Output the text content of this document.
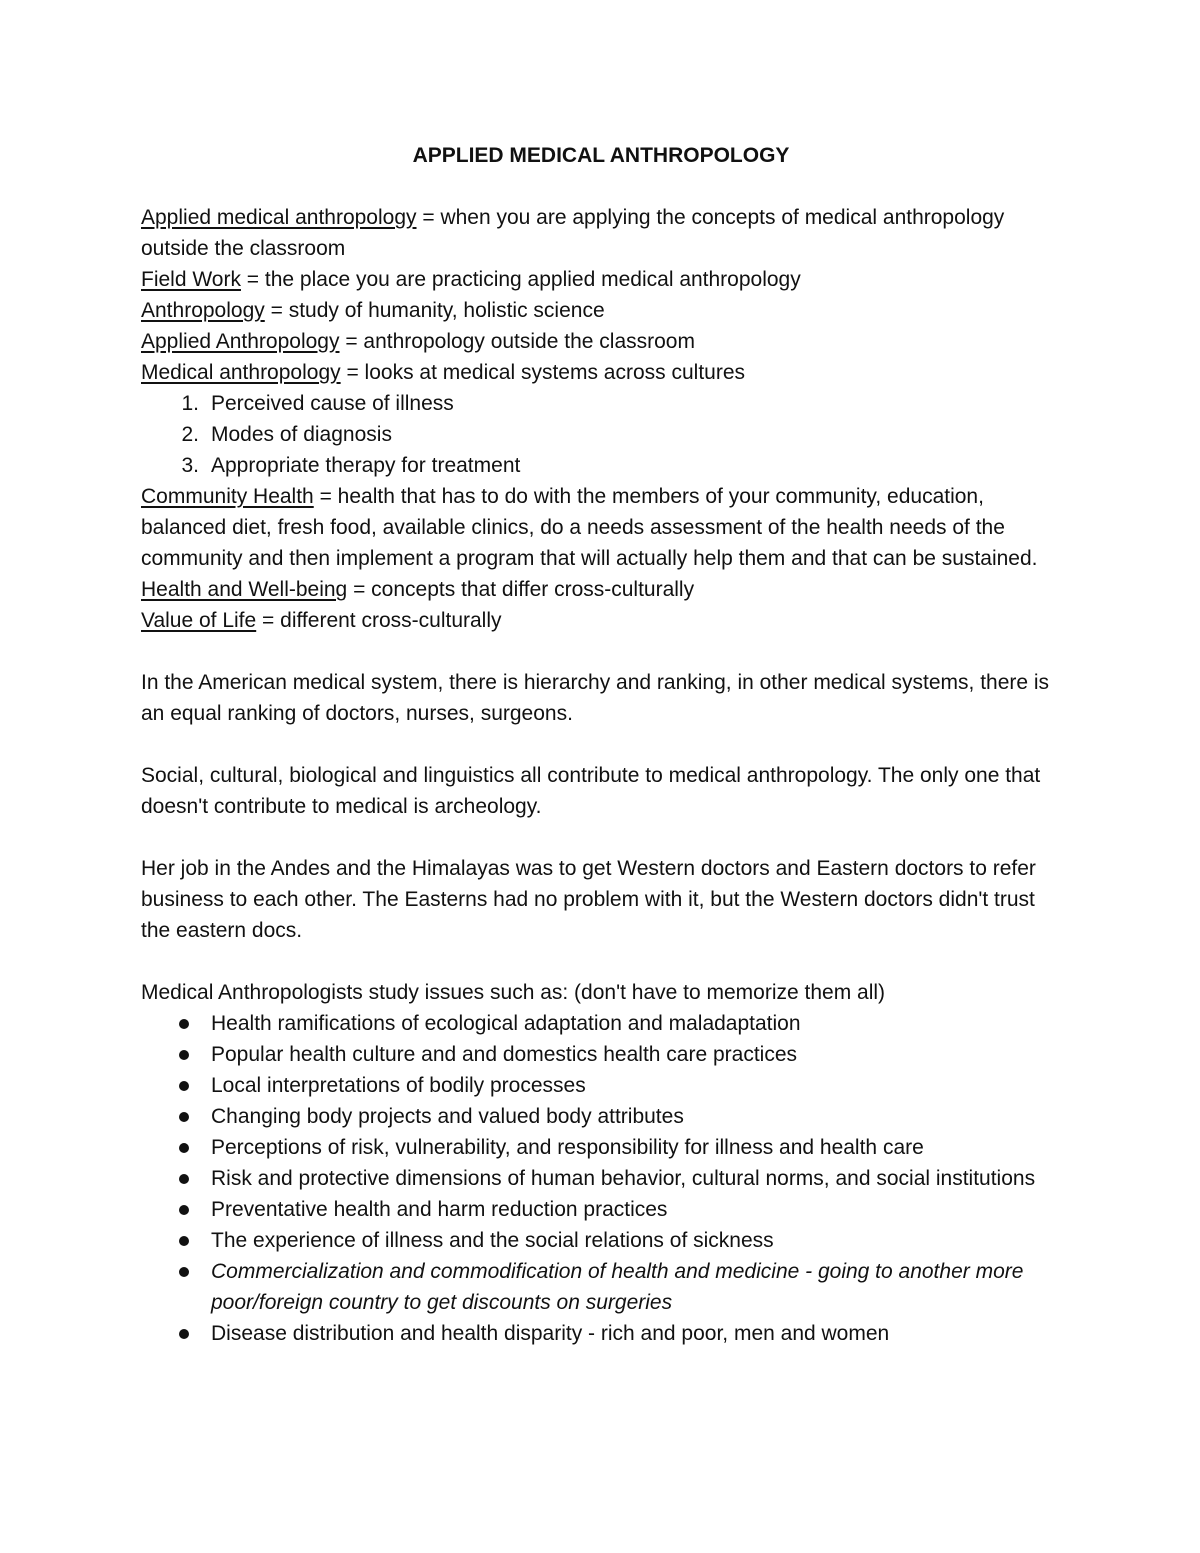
APPLIED MEDICAL ANTHROPOLOGY

Applied medical anthropology = when you are applying the concepts of medical anthropology outside the classroom

Field Work = the place you are practicing applied medical anthropology

Anthropology = study of humanity, holistic science

Applied Anthropology = anthropology outside the classroom

Medical anthropology = looks at medical systems across cultures

1. Perceived cause of illness
2. Modes of diagnosis
3. Appropriate therapy for treatment

Community Health = health that has to do with the members of your community, education, balanced diet, fresh food, available clinics, do a needs assessment of the health needs of the community and then implement a program that will actually help them and that can be sustained.

Health and Well-being = concepts that differ cross-culturally

Value of Life = different cross-culturally

In the American medical system, there is hierarchy and ranking, in other medical systems, there is an equal ranking of doctors, nurses, surgeons.

Social, cultural, biological and linguistics all contribute to medical anthropology. The only one that doesn't contribute to medical is archeology.

Her job in the Andes and the Himalayas was to get Western doctors and Eastern doctors to refer business to each other. The Easterns had no problem with it, but the Western doctors didn't trust the eastern docs.

Medical Anthropologists study issues such as: (don't have to memorize them all)

Health ramifications of ecological adaptation and maladaptation
Popular health culture and and domestics health care practices
Local interpretations of bodily processes
Changing body projects and valued body attributes
Perceptions of risk, vulnerability, and responsibility for illness and health care
Risk and protective dimensions of human behavior, cultural norms, and social institutions
Preventative health and harm reduction practices
The experience of illness and the social relations of sickness
Commercialization and commodification of health and medicine - going to another more poor/foreign country to get discounts on surgeries
Disease distribution and health disparity - rich and poor, men and women
